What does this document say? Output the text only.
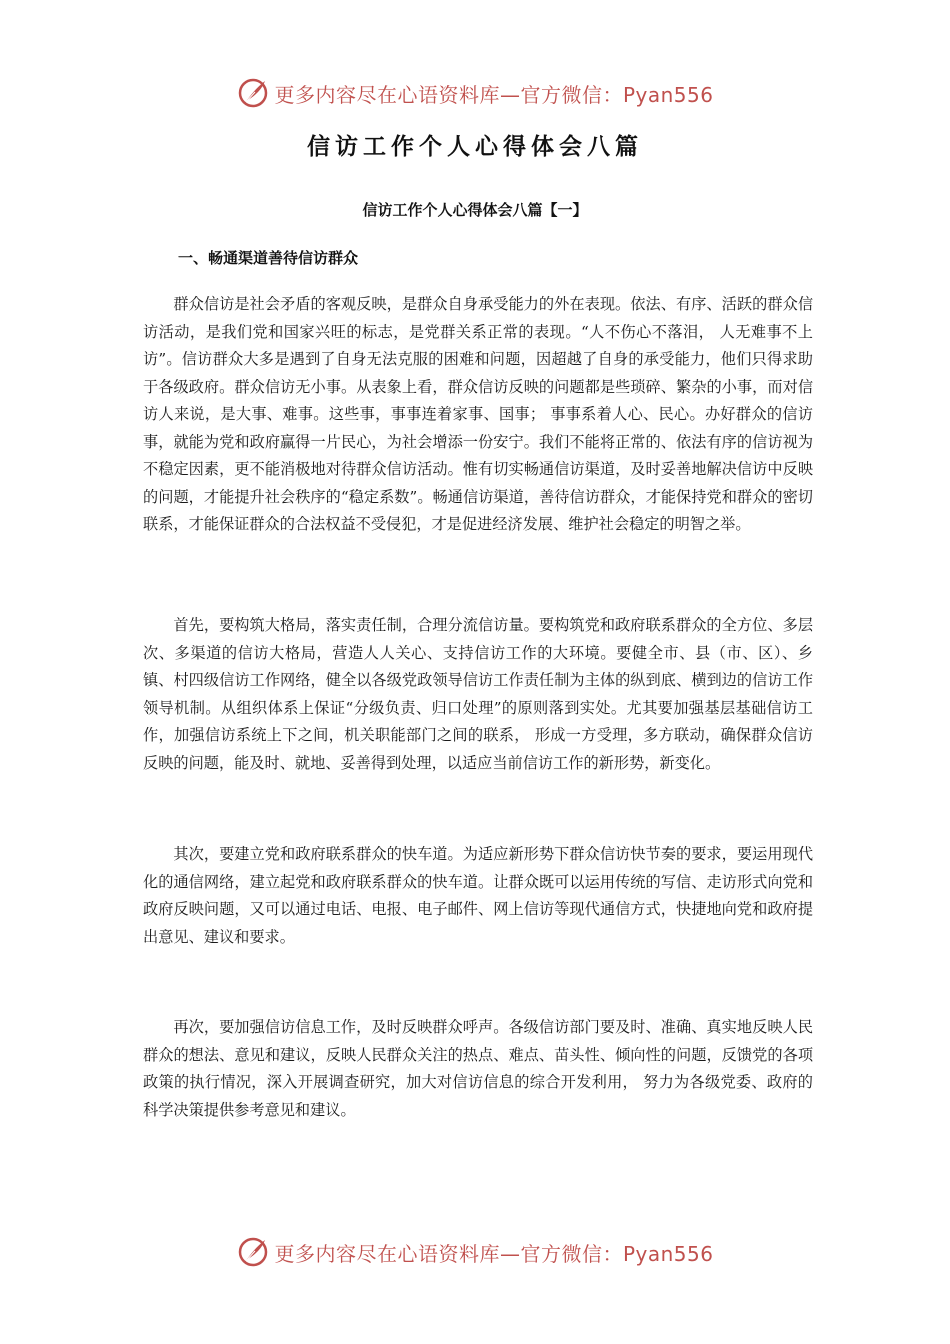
更多内容尽在心语资料库—官方微信：Pyan556
信访工作个人心得体会八篇
信访工作个人心得体会八篇【一】
一、畅通渠道善待信访群众

群众信访是社会矛盾的客观反映，是群众自身承受能力的外在表现。依法、有序、活跃的群众信访活动，是我们党和国家兴旺的标志，是党群关系正常的表现。“人不伤心不落泪， 人无难事不上访”。信访群众大多是遇到了自身无法克服的困难和问题，因超越了自身的承受能力，他们只得求助于各级政府。群众信访无小事。从表象上看，群众信访反映的问题都是些琐碎、繁杂的小事，而对信访人来说，是大事、难事。这些事，事事连着家事、国事； 事事系着人心、民心。办好群众的信访事，就能为党和政府赢得一片民心，为社会增添一份安宁。我们不能将正常的、依法有序的信访视为不稳定因素，更不能消极地对待群众信访活动。惟有切实畅通信访渠道，及时妥善地解决信访中反映的问题，才能提升社会秩序的“稳定系数”。畅通信访渠道，善待信访群众，才能保持党和群众的密切联系，才能保证群众的合法权益不受侵犯，才是促进经济发展、维护社会稳定的明智之举。

首先，要构筑大格局，落实责任制，合理分流信访量。要构筑党和政府联系群众的全方位、多层次、多渠道的信访大格局，营造人人关心、支持信访工作的大环境。要健全市、县（市、区）、乡镇、村四级信访工作网络，健全以各级党政领导信访工作责任制为主体的纵到底、横到边的信访工作领导机制。从组织体系上保证“分级负责、归口处理”的原则落到实处。尤其要加强基层基础信访工作，加强信访系统上下之间，机关职能部门之间的联系， 形成一方受理，多方联动，确保群众信访反映的问题，能及时、就地、妥善得到处理，以适应当前信访工作的新形势，新变化。

其次，要建立党和政府联系群众的快车道。为适应新形势下群众信访快节奏的要求，要运用现代化的通信网络，建立起党和政府联系群众的快车道。让群众既可以运用传统的写信、走访形式向党和政府反映问题，又可以通过电话、电报、电子邮件、网上信访等现代通信方式，快捷地向党和政府提出意见、建议和要求。

再次，要加强信访信息工作，及时反映群众呼声。各级信访部门要及时、准确、真实地反映人民群众的想法、意见和建议，反映人民群众关注的热点、难点、苗头性、倾向性的问题，反馈党的各项政策的执行情况，深入开展调查研究，加大对信访信息的综合开发利用， 努力为各级党委、政府的科学决策提供参考意见和建议。

更多内容尽在心语资料库—官方微信：Pyan556
